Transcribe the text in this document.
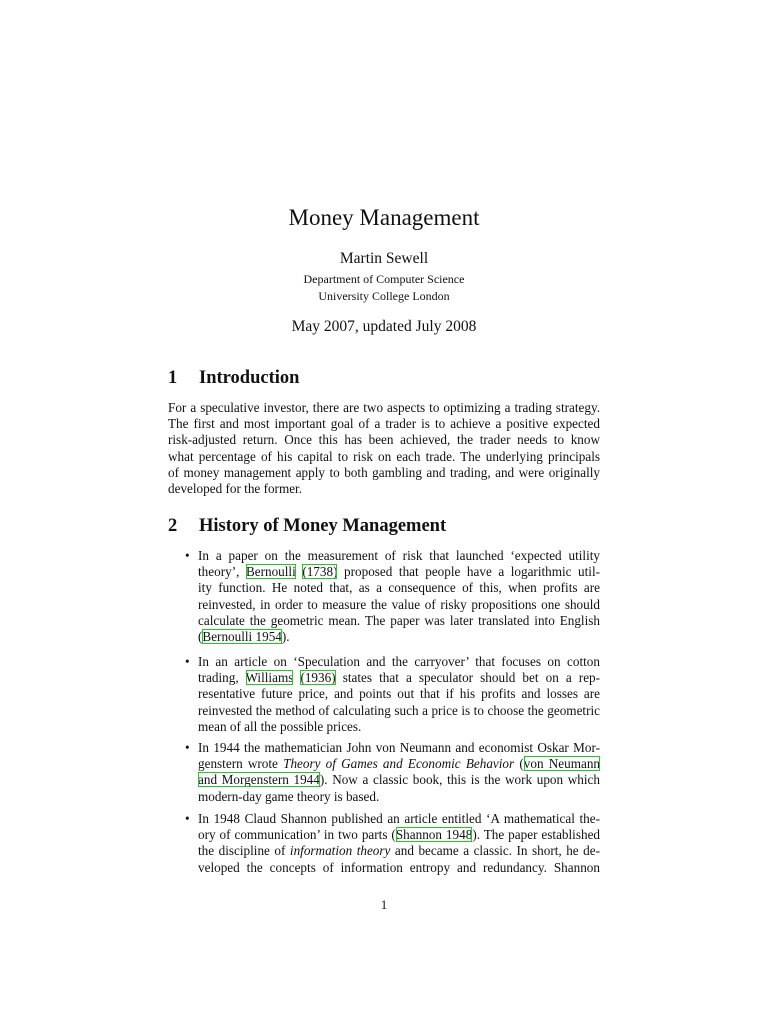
Money Management
Martin Sewell
Department of Computer Science
University College London
May 2007, updated July 2008
1 Introduction
For a speculative investor, there are two aspects to optimizing a trading strategy.
The first and most important goal of a trader is to achieve a positive expected
risk-adjusted return. Once this has been achieved, the trader needs to know
what percentage of his capital to risk on each trade. The underlying principals
of money management apply to both gambling and trading, and were originally
developed for the former.
2 History of Money Management
• In a paper on the measurement of risk that launched ‘expected utility
theory’, Bernoulli (1738) proposed that people have a logarithmic util-
ity function. He noted that, as a consequence of this, when profits are
reinvested, in order to measure the value of risky propositions one should
calculate the geometric mean. The paper was later translated into English
(Bernoulli 1954).
• In an article on ‘Speculation and the carryover’ that focuses on cotton
trading, Williams (1936) states that a speculator should bet on a rep-
resentative future price, and points out that if his profits and losses are
reinvested the method of calculating such a price is to choose the geometric
mean of all the possible prices.
• In 1944 the mathematician John von Neumann and economist Oskar Mor-
genstern wrote Theory of Games and Economic Behavior (von Neumann
and Morgenstern 1944). Now a classic book, this is the work upon which
modern-day game theory is based.
• In 1948 Claud Shannon published an article entitled ‘A mathematical the-
ory of communication’ in two parts (Shannon 1948). The paper established
the discipline of information theory and became a classic. In short, he de-
veloped the concepts of information entropy and redundancy. Shannon
1
